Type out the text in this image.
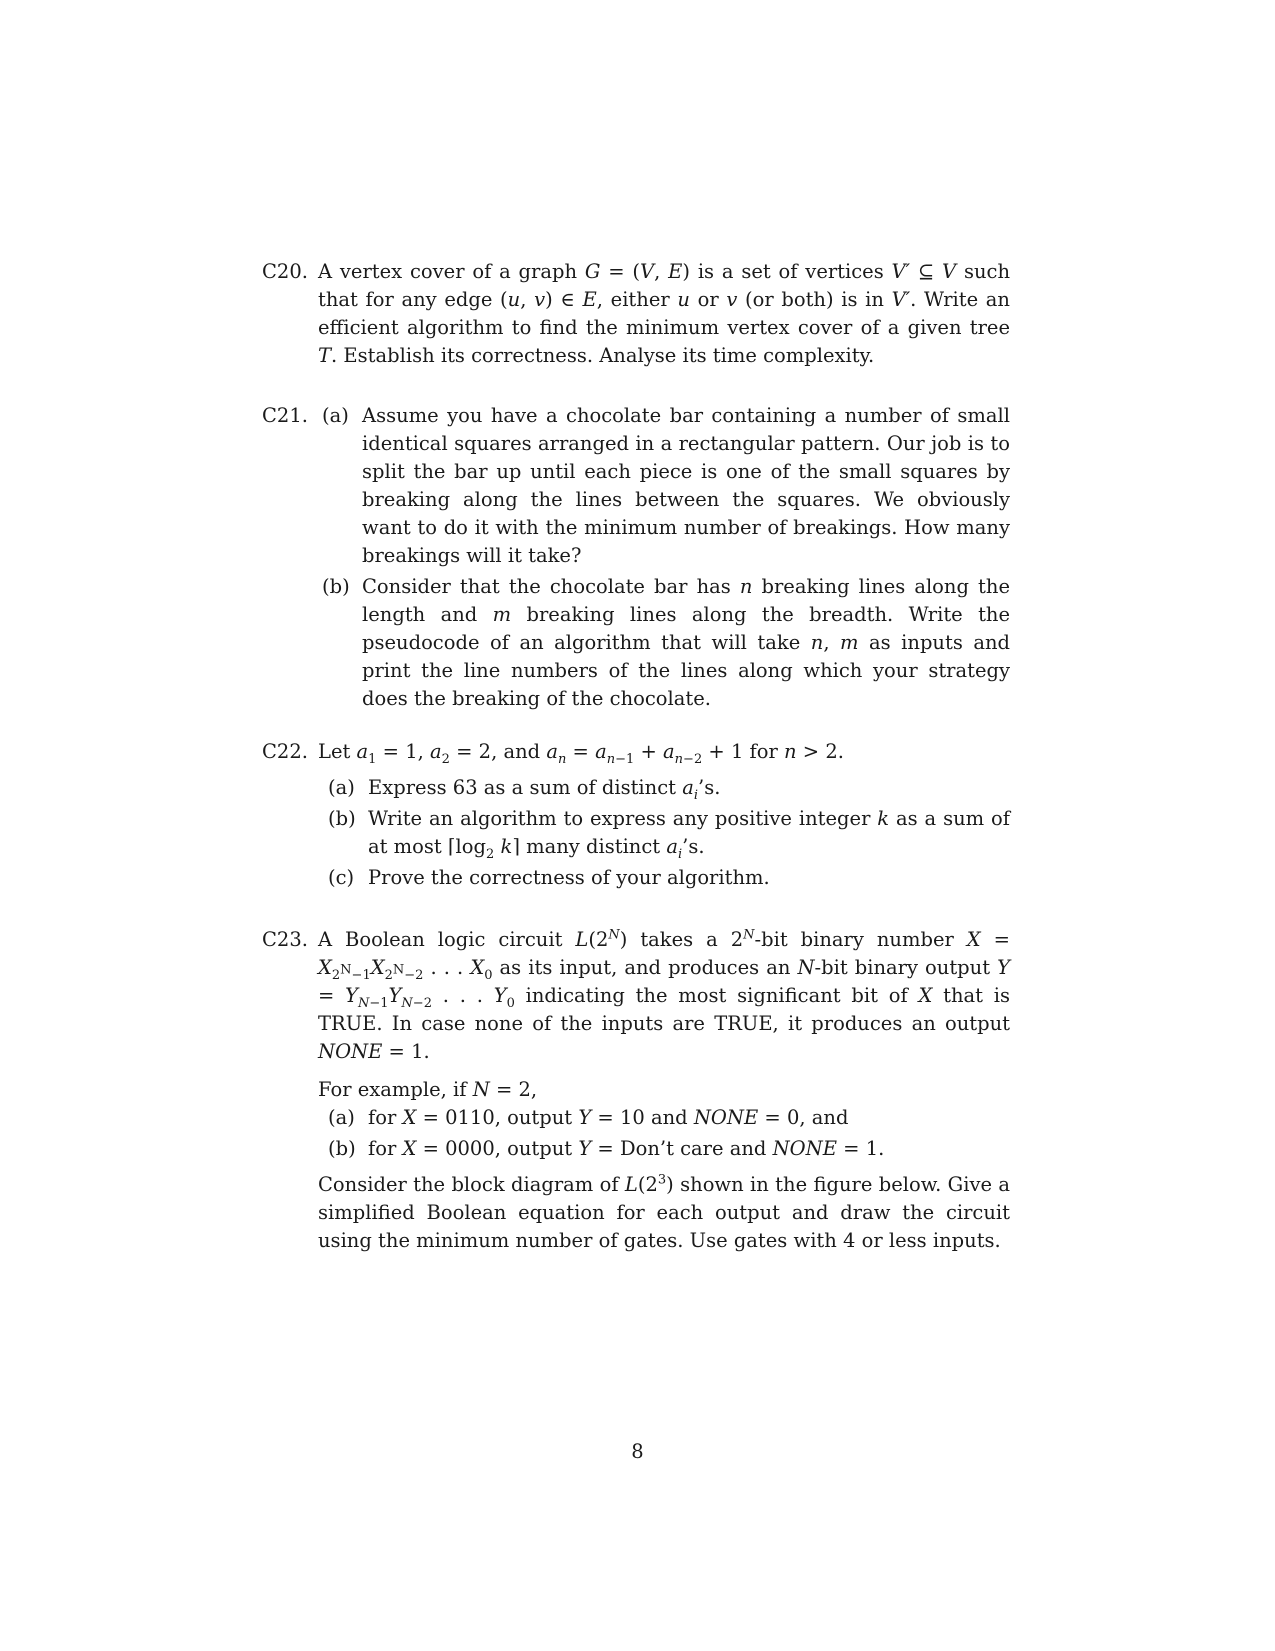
C20. A vertex cover of a graph G = (V, E) is a set of vertices V′ ⊆ V such that for any edge (u, v) ∈ E, either u or v (or both) is in V′. Write an efficient algorithm to find the minimum vertex cover of a given tree T. Establish its correctness. Analyse its time complexity.

C21. (a) Assume you have a chocolate bar containing a number of small identical squares arranged in a rectangular pattern. Our job is to split the bar up until each piece is one of the small squares by breaking along the lines between the squares. We obviously want to do it with the minimum number of breakings. How many breakings will it take?
(b) Consider that the chocolate bar has n breaking lines along the length and m breaking lines along the breadth. Write the pseudocode of an algorithm that will take n, m as inputs and print the line numbers of the lines along which your strategy does the breaking of the chocolate.
C22. Let $a_1 = 1$, $a_2 = 2$, and $a_n = a_{n-1} + a_{n-2} + 1$ for n > 2.

(a) Express 63 as a sum of distinct $a_i’s$.
(b) Write an algorithm to express any positive integer k as a sum of at most $⌈\log_2$ k⌉ many distinct $a_i’s$.
(c) Prove the correctness of your algorithm.
C23. A Boolean logic circuit $L(2^N)$ takes a $2^N$-bit binary number $X = X_{2^N-1}X_{2^N-2}$ . . . $X_0$ as its input, and produces an N-bit binary output $Y = Y_{N-1}Y_{N-2}$ . . . $Y_0$ indicating the most significant bit of X that is TRUE. In case none of the inputs are TRUE, it produces an output NONE = 1.

For example, if N = 2,

(a) for X = 0110, output Y = 10 and NONE = 0, and
(b) for X = 0000, output Y = Don’t care and NONE = 1.

Consider the block diagram of $L(2^3)$ shown in the figure below. Give a simplified Boolean equation for each output and draw the circuit using the minimum number of gates. Use gates with 4 or less inputs.

8
